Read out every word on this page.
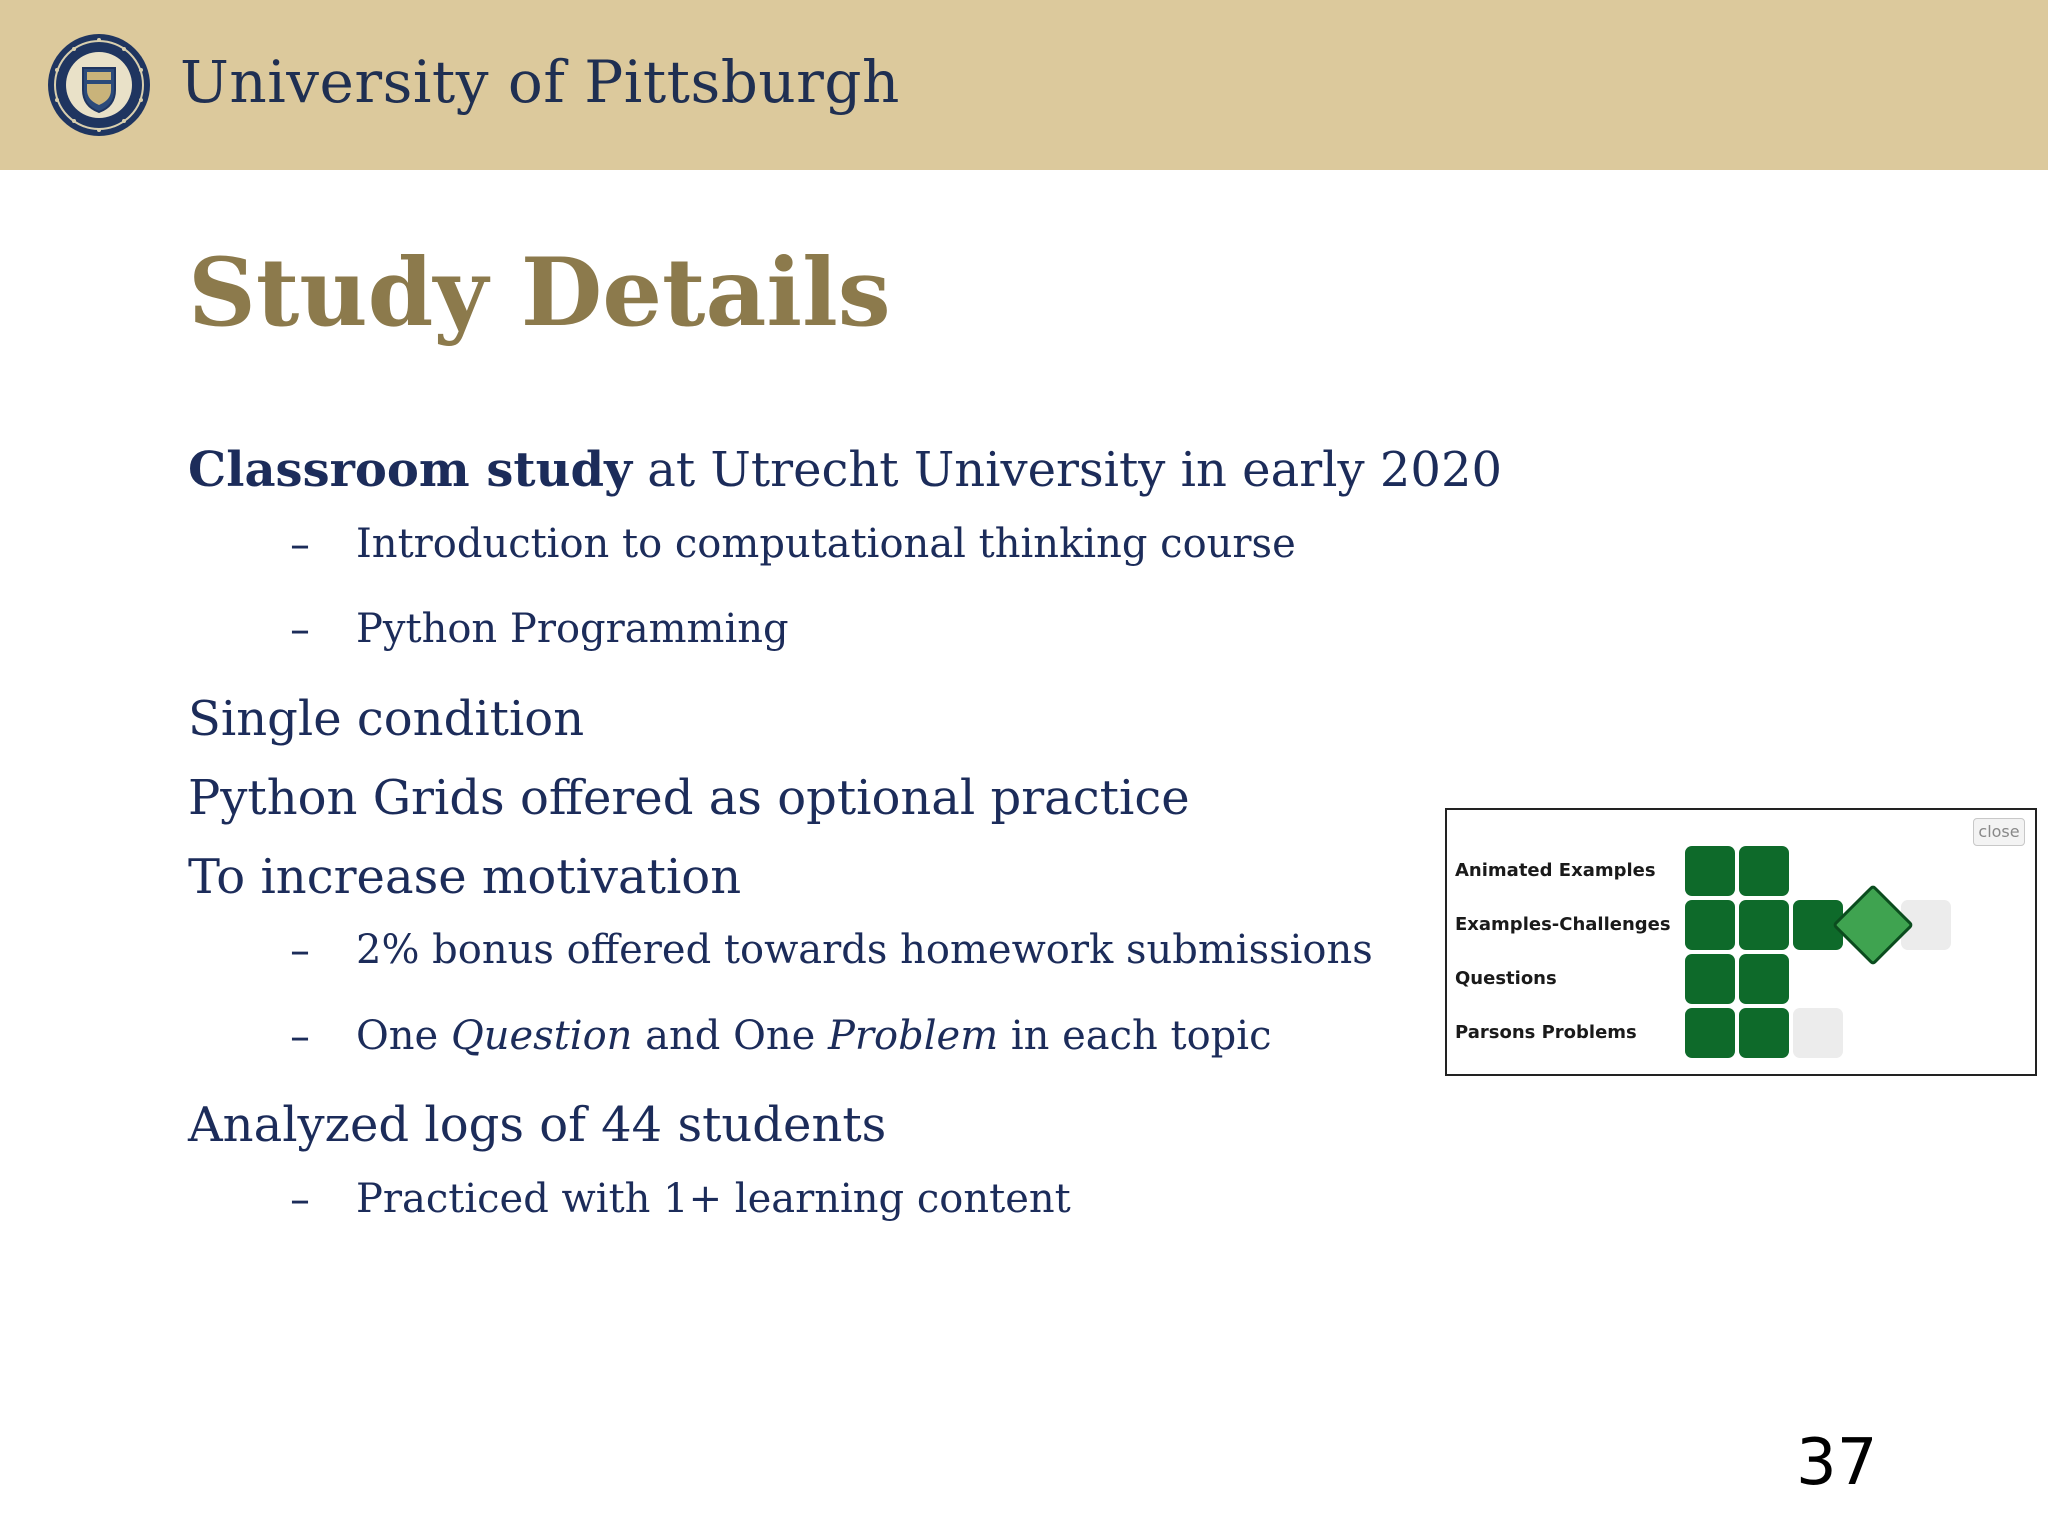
University of Pittsburgh
Study Details
Classroom study at Utrecht University in early 2020
– Introduction to computational thinking course
– Python Programming
Single condition
Python Grids offered as optional practice
To increase motivation
– 2% bonus offered towards homework submissions
– One Question and One Problem in each topic
Analyzed logs of 44 students
– Practiced with 1+ learning content
close
Animated Examples
Examples-Challenges
Questions
Parsons Problems
37
